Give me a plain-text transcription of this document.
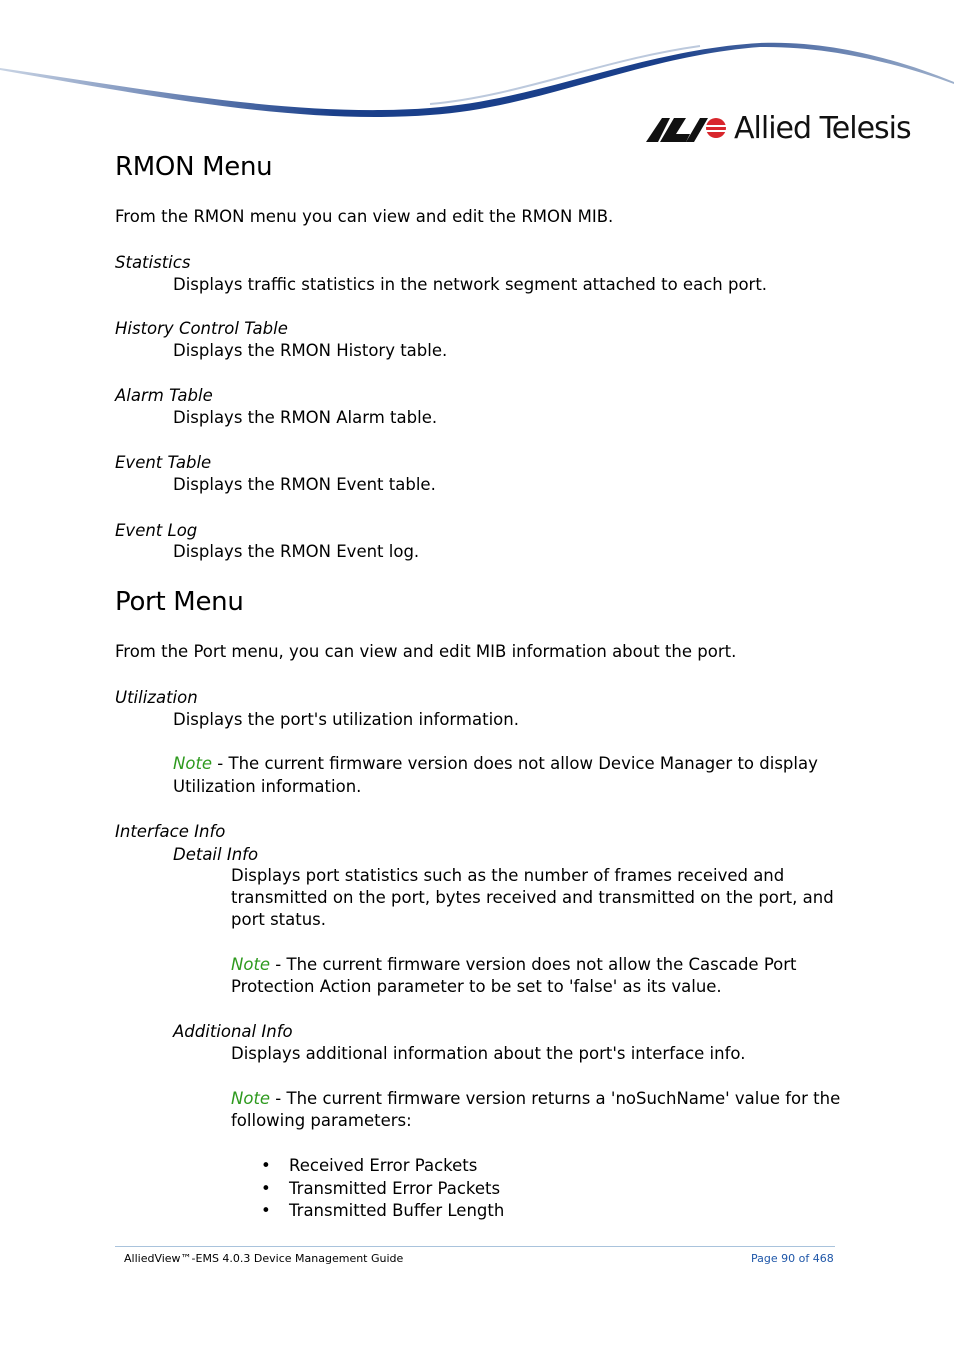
Allied Telesis
RMON Menu
From the RMON menu you can view and edit the RMON MIB.
Statistics
Displays traffic statistics in the network segment attached to each port.
History Control Table
Displays the RMON History table.
Alarm Table
Displays the RMON Alarm table.
Event Table
Displays the RMON Event table.
Event Log
Displays the RMON Event log.
Port Menu
From the Port menu, you can view and edit MIB information about the port.
Utilization
Displays the port's utilization information.
Note - The current firmware version does not allow Device Manager to display
Utilization information.
Interface Info
Detail Info
Displays port statistics such as the number of frames received and
transmitted on the port, bytes received and transmitted on the port, and
port status.
Note - The current firmware version does not allow the Cascade Port
Protection Action parameter to be set to 'false' as its value.
Additional Info
Displays additional information about the port's interface info.
Note - The current firmware version returns a 'noSuchName' value for the
following parameters:
• Received Error Packets
• Transmitted Error Packets
• Transmitted Buffer Length
AlliedView™-EMS 4.0.3 Device Management Guide	Page 90 of 468
